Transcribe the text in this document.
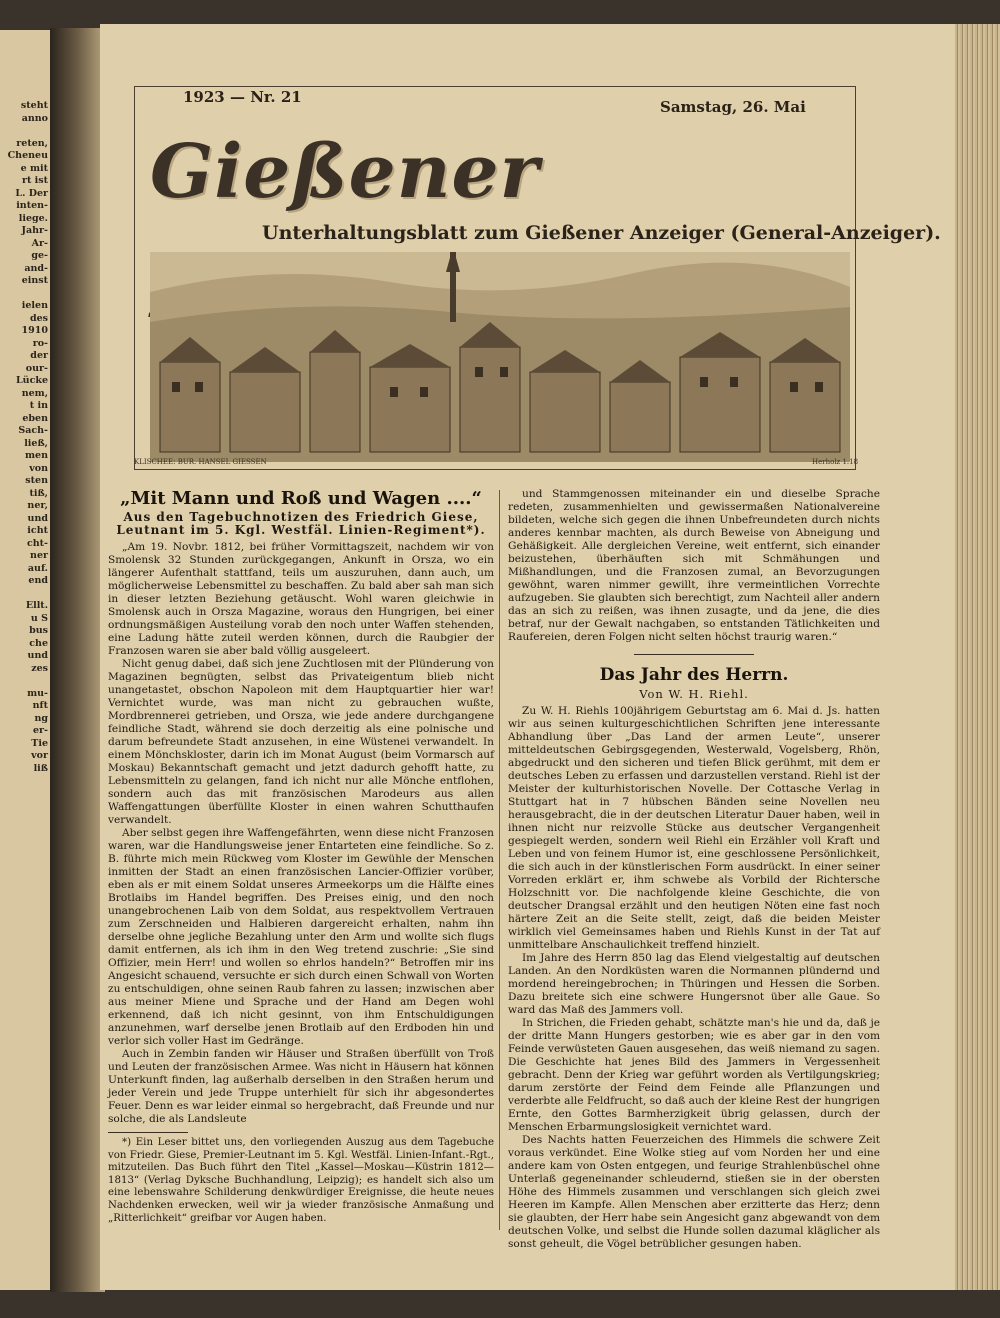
steht
anno

reten,
Cheneu
e mit
rt ist
L. Der
inten-
liege.
Jahr-
Ar-
ge-
and-
einst

ielen
des
1910
ro-
der
our-
Lücke
nem,
t in
eben
Sach-
ließ,
men
von
sten
tiß,
ner,
und
icht
cht-
ner
auf.
end

Ellt.
u S
bus
che
und
zes

mu-
nft
ng
er-
Tie
vor
liß
1923 — Nr. 21
Samstag, 26. Mai
Gießener
Unterhaltungsblatt zum Gießener Anzeiger (General-Anzeiger).
KLISCHEE: BUR. HANSEL GIESSEN	Herholz 1.18
„Mit Mann und Roß und Wagen ....“
Aus den Tagebuchnotizen des Friedrich Giese,
Leutnant im 5. Kgl. Westfäl. Linien-Regiment*).

„Am 19. Novbr. 1812, bei früher Vormittagszeit, nachdem wir von Smolensk 32 Stunden zurückgegangen, Ankunft in Orsza, wo ein längerer Aufenthalt stattfand, teils um auszuruhen, dann auch, um möglicherweise Lebensmittel zu beschaffen. Zu bald aber sah man sich in dieser letzten Beziehung getäuscht. Wohl waren gleichwie in Smolensk auch in Orsza Magazine, woraus den Hungrigen, bei einer ordnungsmäßigen Austeilung vorab den noch unter Waffen stehenden, eine Ladung hätte zuteil werden können, durch die Raubgier der Franzosen waren sie aber bald völlig ausgeleert.

Nicht genug dabei, daß sich jene Zuchtlosen mit der Plünderung von Magazinen begnügten, selbst das Privateigentum blieb nicht unangetastet, obschon Napoleon mit dem Hauptquartier hier war! Vernichtet wurde, was man nicht zu gebrauchen wußte, Mordbrennerei getrieben, und Orsza, wie jede andere durchgangene feindliche Stadt, während sie doch derzeitig als eine polnische und darum befreundete Stadt anzusehen, in eine Wüstenei verwandelt. In einem Mönchskloster, darin ich im Monat August (beim Vormarsch auf Moskau) Bekanntschaft gemacht und jetzt dadurch gehofft hatte, zu Lebensmitteln zu gelangen, fand ich nicht nur alle Mönche entflohen, sondern auch das mit französischen Marodeurs aus allen Waffengattungen überfüllte Kloster in einen wahren Schutthaufen verwandelt.

Aber selbst gegen ihre Waffengefährten, wenn diese nicht Franzosen waren, war die Handlungsweise jener Entarteten eine feindliche. So z. B. führte mich mein Rückweg vom Kloster im Gewühle der Menschen inmitten der Stadt an einen französischen Lancier-Offizier vorüber, eben als er mit einem Soldat unseres Armeekorps um die Hälfte eines Brotlaibs im Handel begriffen. Des Preises einig, und den noch unangebrochenen Laib von dem Soldat, aus respektvollem Vertrauen zum Zerschneiden und Halbieren dargereicht erhalten, nahm ihn derselbe ohne jegliche Bezahlung unter den Arm und wollte sich flugs damit entfernen, als ich ihm in den Weg tretend zuschrie: „Sie sind Offizier, mein Herr! und wollen so ehrlos handeln?“ Betroffen mir ins Angesicht schauend, versuchte er sich durch einen Schwall von Worten zu entschuldigen, ohne seinen Raub fahren zu lassen; inzwischen aber aus meiner Miene und Sprache und der Hand am Degen wohl erkennend, daß ich nicht gesinnt, von ihm Entschuldigungen anzunehmen, warf derselbe jenen Brotlaib auf den Erdboden hin und verlor sich voller Hast im Gedränge.

Auch in Zembin fanden wir Häuser und Straßen überfüllt von Troß und Leuten der französischen Armee. Was nicht in Häusern hat können Unterkunft finden, lag außerhalb derselben in den Straßen herum und jeder Verein und jede Truppe unterhielt für sich ihr abgesondertes Feuer. Denn es war leider einmal so hergebracht, daß Freunde und nur solche, die als Landsleute

*) Ein Leser bittet uns, den vorliegenden Auszug aus dem Tagebuche von Friedr. Giese, Premier-Leutnant im 5. Kgl. Westfäl. Linien-Infant.-Rgt., mitzuteilen. Das Buch führt den Titel „Kassel—Moskau—Küstrin 1812—1813“ (Verlag Dyksche Buchhandlung, Leipzig); es handelt sich also um eine lebenswahre Schilderung denkwürdiger Ereignisse, die heute neues Nachdenken erwecken, weil wir ja wieder französische Anmaßung und „Ritterlichkeit“ greifbar vor Augen haben.

und Stammgenossen miteinander ein und dieselbe Sprache redeten, zusammenhielten und gewissermaßen Nationalvereine bildeten, welche sich gegen die ihnen Unbefreundeten durch nichts anderes kennbar machten, als durch Beweise von Abneigung und Gehäßigkeit. Alle dergleichen Vereine, weit entfernt, sich einander beizustehen, überhäuften sich mit Schmähungen und Mißhandlungen, und die Franzosen zumal, an Bevorzugungen gewöhnt, waren nimmer gewillt, ihre vermeintlichen Vorrechte aufzugeben. Sie glaubten sich berechtigt, zum Nachteil aller andern das an sich zu reißen, was ihnen zusagte, und da jene, die dies betraf, nur der Gewalt nachgaben, so entstanden Tätlichkeiten und Raufereien, deren Folgen nicht selten höchst traurig waren.“

Das Jahr des Herrn.
Von W. H. Riehl.

Zu W. H. Riehls 100jährigem Geburtstag am 6. Mai d. Js. hatten wir aus seinen kulturgeschichtlichen Schriften jene interessante Abhandlung über „Das Land der armen Leute“, unserer mitteldeutschen Gebirgsgegenden, Westerwald, Vogelsberg, Rhön, abgedruckt und den sicheren und tiefen Blick gerühmt, mit dem er deutsches Leben zu erfassen und darzustellen verstand. Riehl ist der Meister der kulturhistorischen Novelle. Der Cottasche Verlag in Stuttgart hat in 7 hübschen Bänden seine Novellen neu herausgebracht, die in der deutschen Literatur Dauer haben, weil in ihnen nicht nur reizvolle Stücke aus deutscher Vergangenheit gespiegelt werden, sondern weil Riehl ein Erzähler voll Kraft und Leben und von feinem Humor ist, eine geschlossene Persönlichkeit, die sich auch in der künstlerischen Form ausdrückt. In einer seiner Vorreden erklärt er, ihm schwebe als Vorbild der Richtersche Holzschnitt vor. Die nachfolgende kleine Geschichte, die von deutscher Drangsal erzählt und den heutigen Nöten eine fast noch härtere Zeit an die Seite stellt, zeigt, daß die beiden Meister wirklich viel Gemeinsames haben und Riehls Kunst in der Tat auf unmittelbare Anschaulichkeit treffend hinzielt.

Im Jahre des Herrn 850 lag das Elend vielgestaltig auf deutschen Landen. An den Nordküsten waren die Normannen plündernd und mordend hereingebrochen; in Thüringen und Hessen die Sorben. Dazu breitete sich eine schwere Hungersnot über alle Gaue. So ward das Maß des Jammers voll.

In Strichen, die Frieden gehabt, schätzte man's hie und da, daß je der dritte Mann Hungers gestorben; wie es aber gar in den vom Feinde verwüsteten Gauen ausgesehen, das weiß niemand zu sagen. Die Geschichte hat jenes Bild des Jammers in Vergessenheit gebracht. Denn der Krieg war geführt worden als Vertilgungskrieg; darum zerstörte der Feind dem Feinde alle Pflanzungen und verderbte alle Feldfrucht, so daß auch der kleine Rest der hungrigen Ernte, den Gottes Barmherzigkeit übrig gelassen, durch der Menschen Erbarmungslosigkeit vernichtet ward.

Des Nachts hatten Feuerzeichen des Himmels die schwere Zeit voraus verkündet. Eine Wolke stieg auf vom Norden her und eine andere kam von Osten entgegen, und feurige Strahlenbüschel ohne Unterlaß gegeneinander schleudernd, stießen sie in der obersten Höhe des Himmels zusammen und verschlangen sich gleich zwei Heeren im Kampfe. Allen Menschen aber erzitterte das Herz; denn sie glaubten, der Herr habe sein Angesicht ganz abgewandt von dem deutschen Volke, und selbst die Hunde sollen dazumal kläglicher als sonst geheult, die Vögel betrüblicher gesungen haben.
